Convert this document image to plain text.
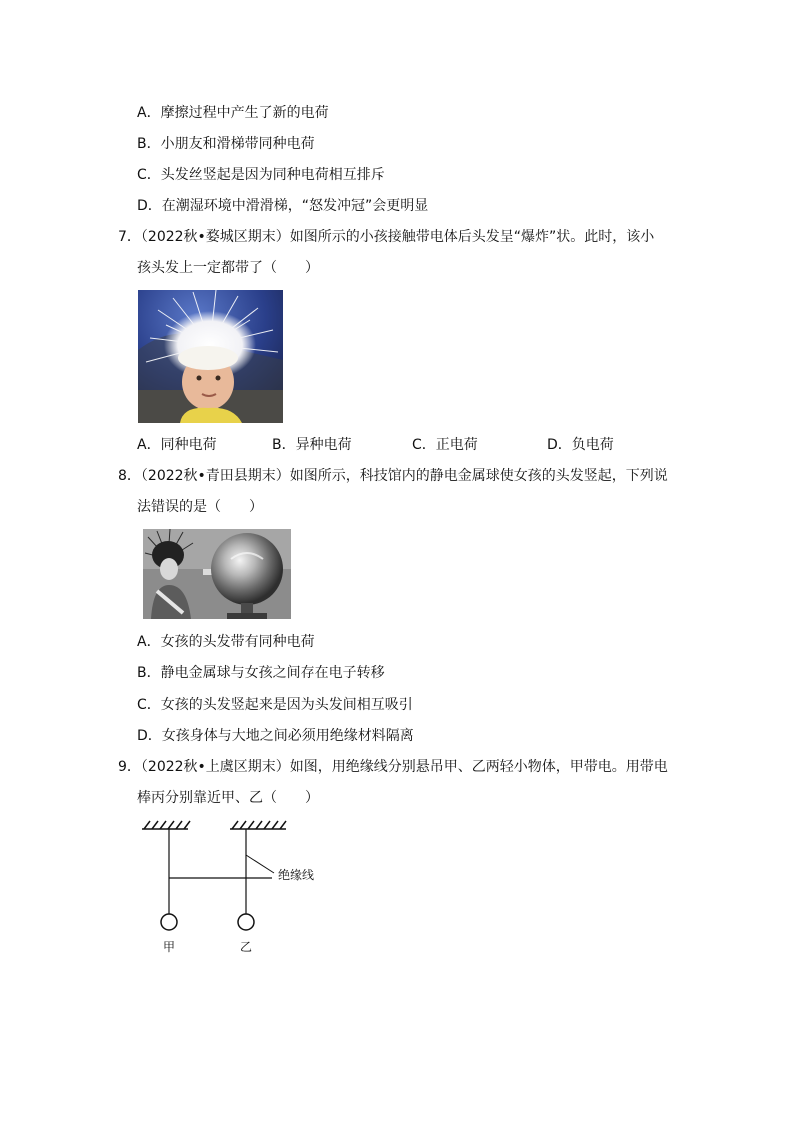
A．摩擦过程中产生了新的电荷
B．小朋友和滑梯带同种电荷
C．头发丝竖起是因为同种电荷相互排斥
D．在潮湿环境中滑滑梯，“怒发冲冠”会更明显
7．（2022秋•婺城区期末）如图所示的小孩接触带电体后头发呈“爆炸”状。此时，该小
孩头发上一定都带了（　　）
A．同种电荷	B．异种电荷	C．正电荷	D．负电荷
8．（2022秋•青田县期末）如图所示，科技馆内的静电金属球使女孩的头发竖起，下列说
法错误的是（　　）
A．女孩的头发带有同种电荷
B．静电金属球与女孩之间存在电子转移
C．女孩的头发竖起来是因为头发间相互吸引
D．女孩身体与大地之间必须用绝缘材料隔离
9．（2022秋•上虞区期末）如图，用绝缘线分别悬吊甲、乙两轻小物体，甲带电。用带电
棒丙分别靠近甲、乙（　　）
绝缘线
甲	乙
